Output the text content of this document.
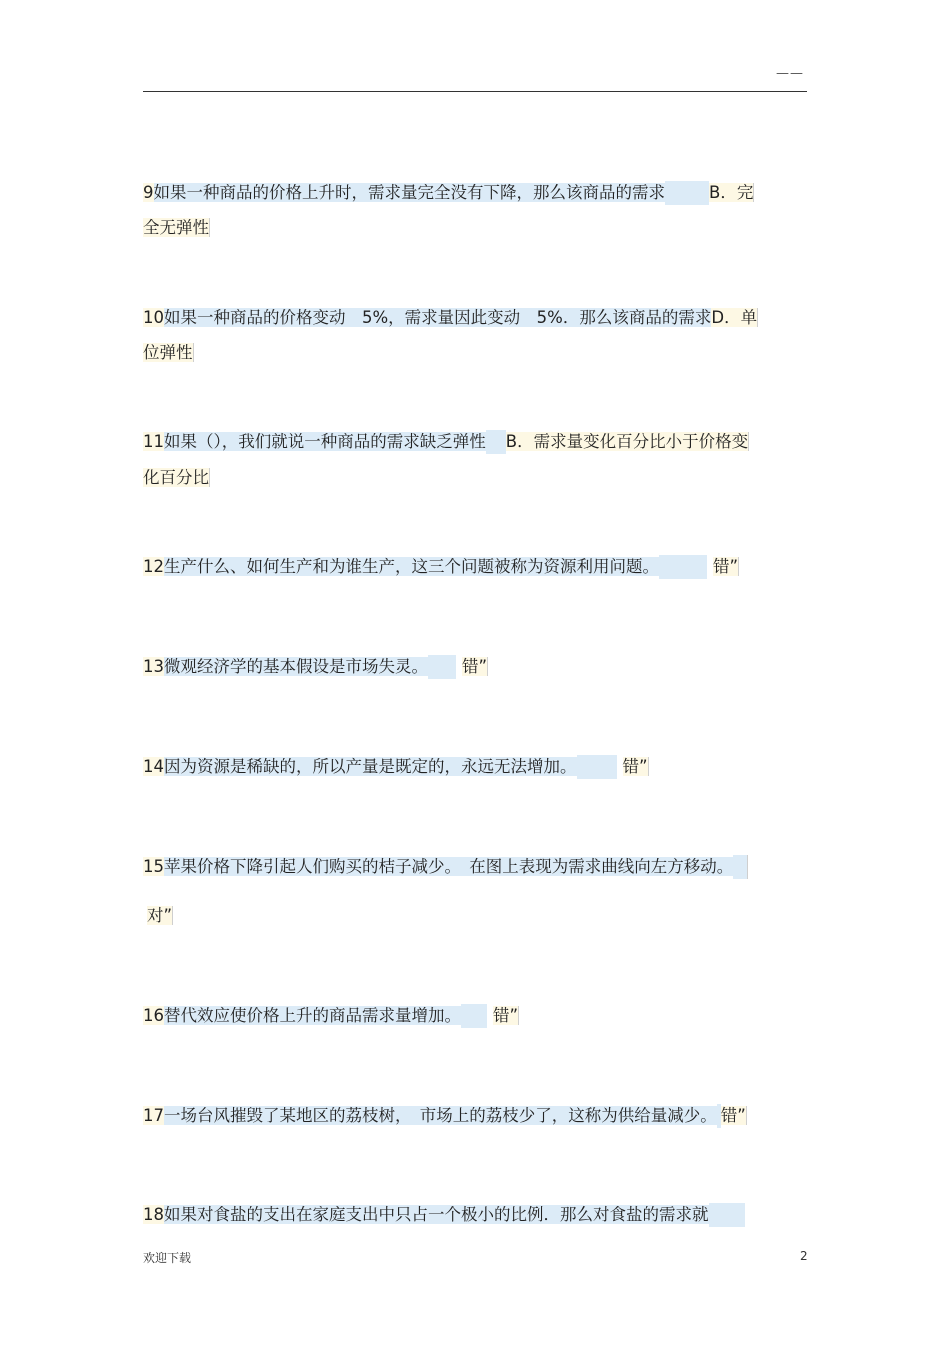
——
9如果一种商品的价格上升时，需求量完全没有下降，那么该商品的需求	B．完
全无弹性
10如果一种商品的价格变动　5%，需求量因此变动　5%．那么该商品的需求D．单
位弹性
11如果（），我们就说一种商品的需求缺乏弹性 B．需求量变化百分比小于价格变
化百分比
12生产什么、如何生产和为谁生产，这三个问题被称为资源利用问题。	错”
13微观经济学的基本假设是市场失灵。 错”
14因为资源是稀缺的，所以产量是既定的，永远无法增加。	错”
15苹果价格下降引起人们购买的桔子减少。　在图上表现为需求曲线向左方移动。
对”
16替代效应使价格上升的商品需求量增加。 错”
17一场台风摧毁了某地区的荔枝树，　市场上的荔枝少了，这称为供给量减少。 错”
18如果对食盐的支出在家庭支出中只占一个极小的比例．那么对食盐的需求就
欢迎下载	2
